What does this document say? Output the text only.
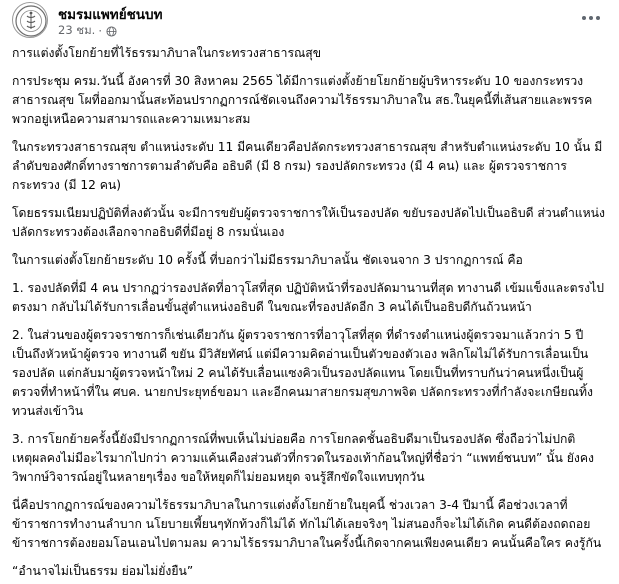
ชมรมแพทย์ชนบท
23 ชม. ·

การแต่งตั้งโยกย้ายที่ไร้ธรรมาภิบาลในกระทรวงสาธารณสุข

การประชุม ครม.วันนี้ อังคารที่ 30 สิงหาคม 2565 ได้มีการแต่งตั้งย้ายโยกย้ายผู้บริหารระดับ 10 ของกระทรวงสาธารณสุข โผที่ออกมานั้นสะท้อนปรากฏการณ์ชัดเจนถึงความไร้ธรรมาภิบาลใน สธ.ในยุคนี้ที่เส้นสายและพรรคพวกอยู่เหนือความสามารถและความเหมาะสม

ในกระทรวงสาธารณสุข ตำแหน่งระดับ 11 มีคนเดียวคือปลัดกระทรวงสาธารณสุข สำหรับตำแหน่งระดับ 10 นั้น มีลำดับของศักดิ์ทางราชการตามลำดับคือ อธิบดี (มี 8 กรม) รองปลัดกระทรวง (มี 4 คน) และ ผู้ตรวจราชการกระทรวง (มี 12 คน)

โดยธรรมเนียมปฏิบัติที่ลงตัวนั้น จะมีการขยับผู้ตรวจราชการให้เป็นรองปลัด ขยับรองปลัดไปเป็นอธิบดี ส่วนตำแหน่งปลัดกระทรวงต้องเลือกจากอธิบดีที่มีอยู่ 8 กรมนั่นเอง

ในการแต่งตั้งโยกย้ายระดับ 10 ครั้งนี้ ที่บอกว่าไม่มีธรรมาภิบาลนั้น ชัดเจนจาก 3 ปรากฏการณ์ คือ

1. รองปลัดที่มี 4 คน ปรากฏว่ารองปลัดที่อาวุโสที่สุด ปฏิบัติหน้าที่รองปลัดมานานที่สุด ทางานดี เข้มแข็งและตรงไปตรงมา กลับไม่ได้รับการเลื่อนขั้นสู่ตำแหน่งอธิบดี ในขณะที่รองปลัดอีก 3 คนได้เป็นอธิบดีกันถ้วนหน้า

2. ในส่วนของผู้ตรวจราชการก็เช่นเดียวกัน ผู้ตรวจราชการที่อาวุโสที่สุด ที่ดำรงตำแหน่งผู้ตรวจมาแล้วกว่า 5 ปี เป็นถึงหัวหน้าผู้ตรวจ ทางานดี ขยัน มีวิสัยทัศน์ แต่มีความคิดอ่านเป็นตัวของตัวเอง พลิกโผไม่ได้รับการเลื่อนเป็นรองปลัด แต่กลับมาผู้ตรวจหน้าใหม่ 2 คนได้รับเลื่อนแซงคิวเป็นรองปลัดแทน โดยเป็นที่ทราบกันว่าคนหนึ่งเป็นผู้ตรวจที่ทำหน้าที่ใน ศบค. นายกประยุทธ์ขอมา และอีกคนมาสายกรมสุขภาพจิต ปลัดกระทรวงที่กำลังจะเกษียณทิ้งทวนส่งเข้าวิน

3. การโยกย้ายครั้งนี้ยังมีปรากฏการณ์ที่พบเห็นไม่บ่อยคือ การโยกลดชั้นอธิบดีมาเป็นรองปลัด ซึ่งถือว่าไม่ปกติ เหตุผลคงไม่มีอะไรมากไปกว่า ความแค้นเคืองส่วนตัวที่กรวดในรองเท้าก้อนใหญ่ที่ชื่อว่า “แพทย์ชนบท” นั้น ยังคงวิพากษ์วิจารณ์อยู่ในหลายๆเรื่อง ขอให้หยุดก็ไม่ยอมหยุด จนรู้สึกขัดใจแทบทุกวัน

นี่คือปรากฏการณ์ของความไร้ธรรมาภิบาลในการแต่งตั้งโยกย้ายในยุคนี้ ช่วงเวลา 3-4 ปีมานี้ คือช่วงเวลาที่ข้าราชการทำงานลำบาก นโยบายเพี้ยนๆทักท้วงก็ไม่ได้ ทักไม่ได้เลยจริงๆ ไม่สนองก็จะไม่ได้เกิด คนดีต้องถดถอย ข้าราชการต้องยอมโอนเอนไปตามลม ความไร้ธรรมาภิบาลในครั้งนี้เกิดจากคนเพียงคนเดียว คนนั้นคือใคร คงรู้กัน

“อำนาจไม่เป็นธรรม ย่อมไม่ยั่งยืน”
